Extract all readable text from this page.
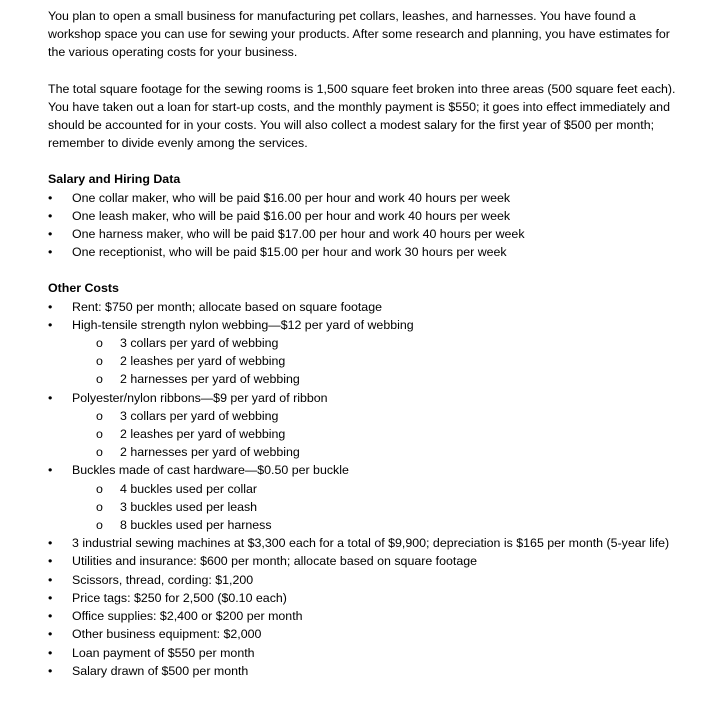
You plan to open a small business for manufacturing pet collars, leashes, and harnesses. You have found a workshop space you can use for sewing your products. After some research and planning, you have estimates for the various operating costs for your business.

The total square footage for the sewing rooms is 1,500 square feet broken into three areas (500 square feet each). You have taken out a loan for start-up costs, and the monthly payment is $550; it goes into effect immediately and should be accounted for in your costs. You will also collect a modest salary for the first year of $500 per month; remember to divide evenly among the services.

Salary and Hiring Data

•	One collar maker, who will be paid $16.00 per hour and work 40 hours per week
•	One leash maker, who will be paid $16.00 per hour and work 40 hours per week
•	One harness maker, who will be paid $17.00 per hour and work 40 hours per week
•	One receptionist, who will be paid $15.00 per hour and work 30 hours per week

Other Costs

•	Rent: $750 per month; allocate based on square footage
•	High-tensile strength nylon webbing—$12 per yard of webbing
o 3 collars per yard of webbing
o 2 leashes per yard of webbing
o 2 harnesses per yard of webbing
•	Polyester/nylon ribbons—$9 per yard of ribbon
o 3 collars per yard of webbing
o 2 leashes per yard of webbing
o 2 harnesses per yard of webbing
•	Buckles made of cast hardware—$0.50 per buckle
o 4 buckles used per collar
o 3 buckles used per leash
o 8 buckles used per harness
•	3 industrial sewing machines at $3,300 each for a total of $9,900; depreciation is $165 per month (5-year life)
•	Utilities and insurance: $600 per month; allocate based on square footage
•	Scissors, thread, cording: $1,200
•	Price tags: $250 for 2,500 ($0.10 each)
•	Office supplies: $2,400 or $200 per month
•	Other business equipment: $2,000
•	Loan payment of $550 per month
•	Salary drawn of $500 per month
